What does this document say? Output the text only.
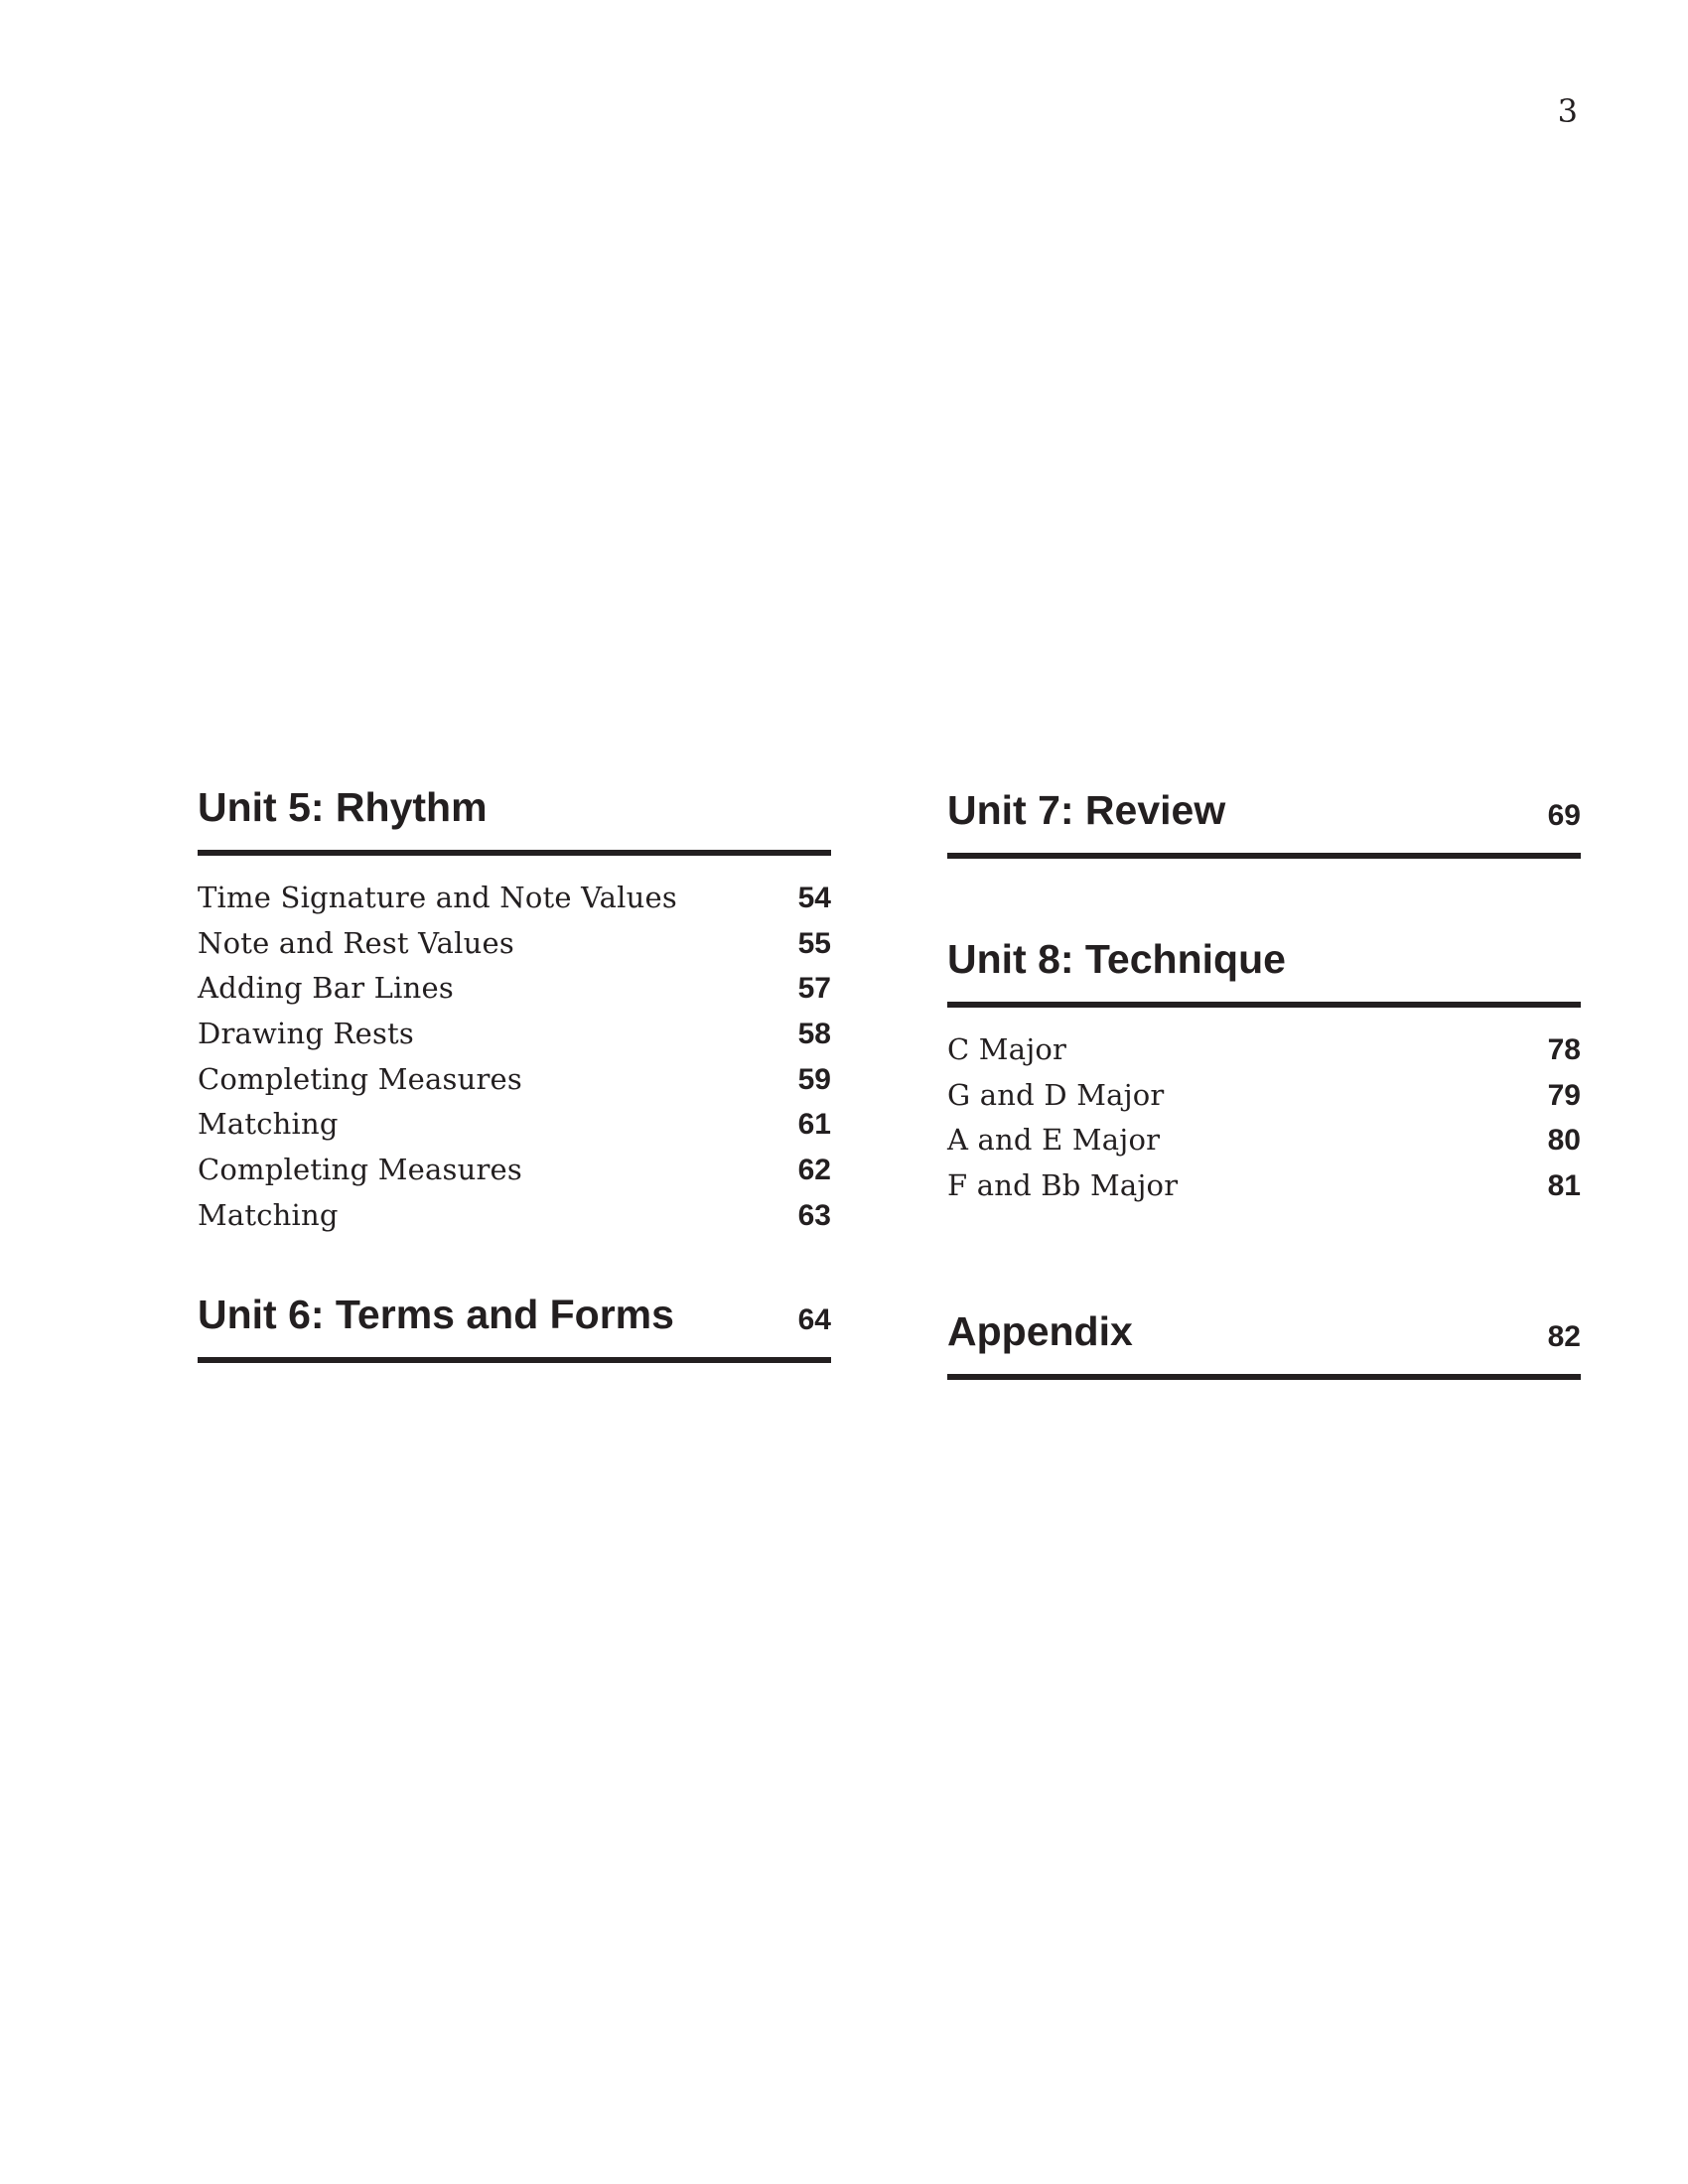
3
Unit 5: Rhythm
Time Signature and Note Values	54
Note and Rest Values	55
Adding Bar Lines	57
Drawing Rests	58
Completing Measures	59
Matching	61
Completing Measures	62
Matching	63
Unit 6: Terms and Forms	64
Unit 7: Review	69
Unit 8: Technique
C Major	78
G and D Major	79
A and E Major	80
F and Bb Major	81
Appendix	82
